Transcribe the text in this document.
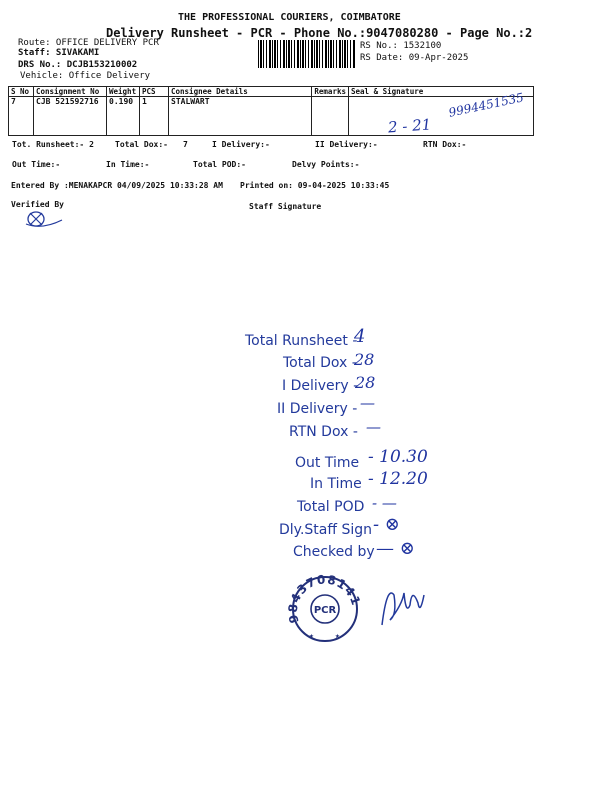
THE PROFESSIONAL COURIERS, COIMBATORE
Delivery Runsheet - PCR - Phone No.:9047080280 - Page No.:2
Route: OFFICE DELIVERY PCR
Staff: SIVAKAMI
DRS No.: DCJB153210002
Vehicle: Office Delivery
RS No.: 1532100
RS Date: 09-Apr-2025
S No	Consignment No	Weight	PCS	Consignee Details	Remarks	Seal & Signature
7	CJB 521592716	0.190	1	STALWART		
2 - 21
9994451535
Tot. Runsheet:- 2	Total Dox:- 7	I Delivery:-	II Delivery:-	RTN Dox:-
Out Time:-	In Time:-	Total POD:-	Delvy Points:-
Entered By :MENAKAPCR 04/09/2025 10:33:28 AM Printed on: 09-04-2025 10:33:45
Verified By	Staff Signature
Total Runsheet -
4
Total Dox -
28
I Delivery -
28
II Delivery - —
RTN Dox - —
Out Time - 10.30
In Time - 12.20
Total POD - —
Dly.Staff Sign - ⊗
Checked by — ⊗
9843708141
PCR
★	★
